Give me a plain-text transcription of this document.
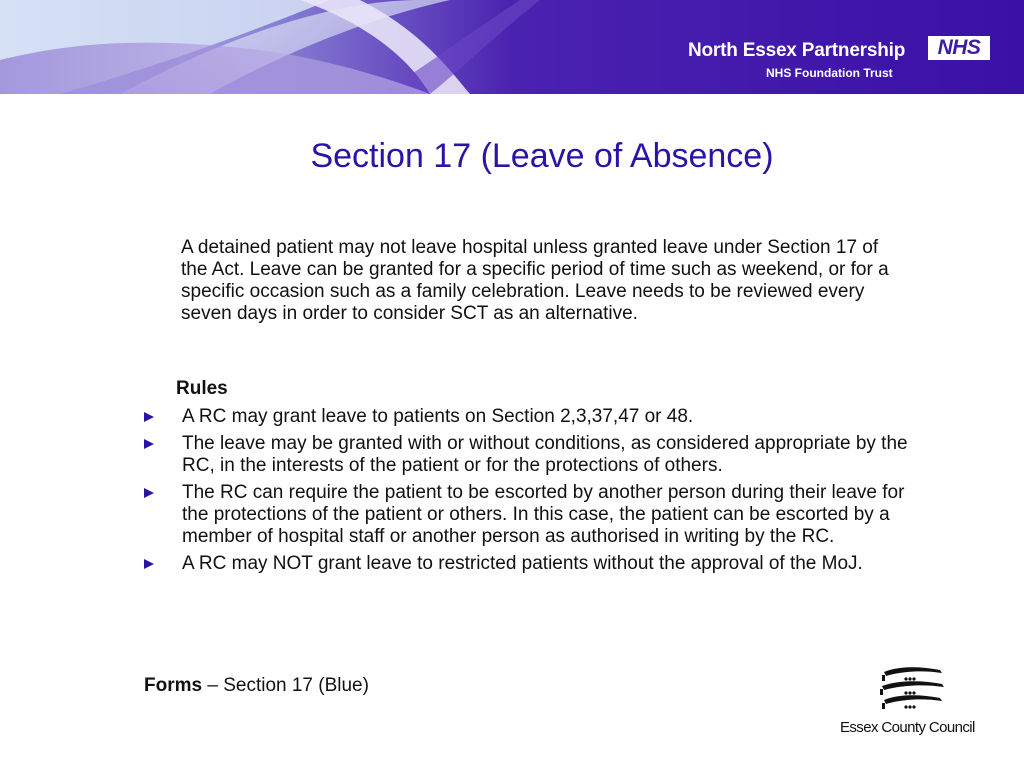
North Essex Partnership
NHS Foundation Trust
NHS
Section 17 (Leave of Absence)

A detained patient may not leave hospital unless granted leave under Section 17 of the Act. Leave can be granted for a specific period of time such as weekend, or for a specific occasion such as a family celebration. Leave needs to be reviewed every seven days in order to consider SCT as an alternative.

Rules

A RC may grant leave to patients on Section 2,3,37,47 or 48.
The leave may be granted with or without conditions, as considered appropriate by the RC, in the interests of the patient or for the protections of others.
The RC can require the patient to be escorted by another person during their leave for the protections of the patient or others. In this case, the patient can be escorted by a member of hospital staff or another person as authorised in writing by the RC.
A RC may NOT grant leave to restricted patients without the approval of the MoJ.

Forms – Section 17 (Blue)

Essex County Council
